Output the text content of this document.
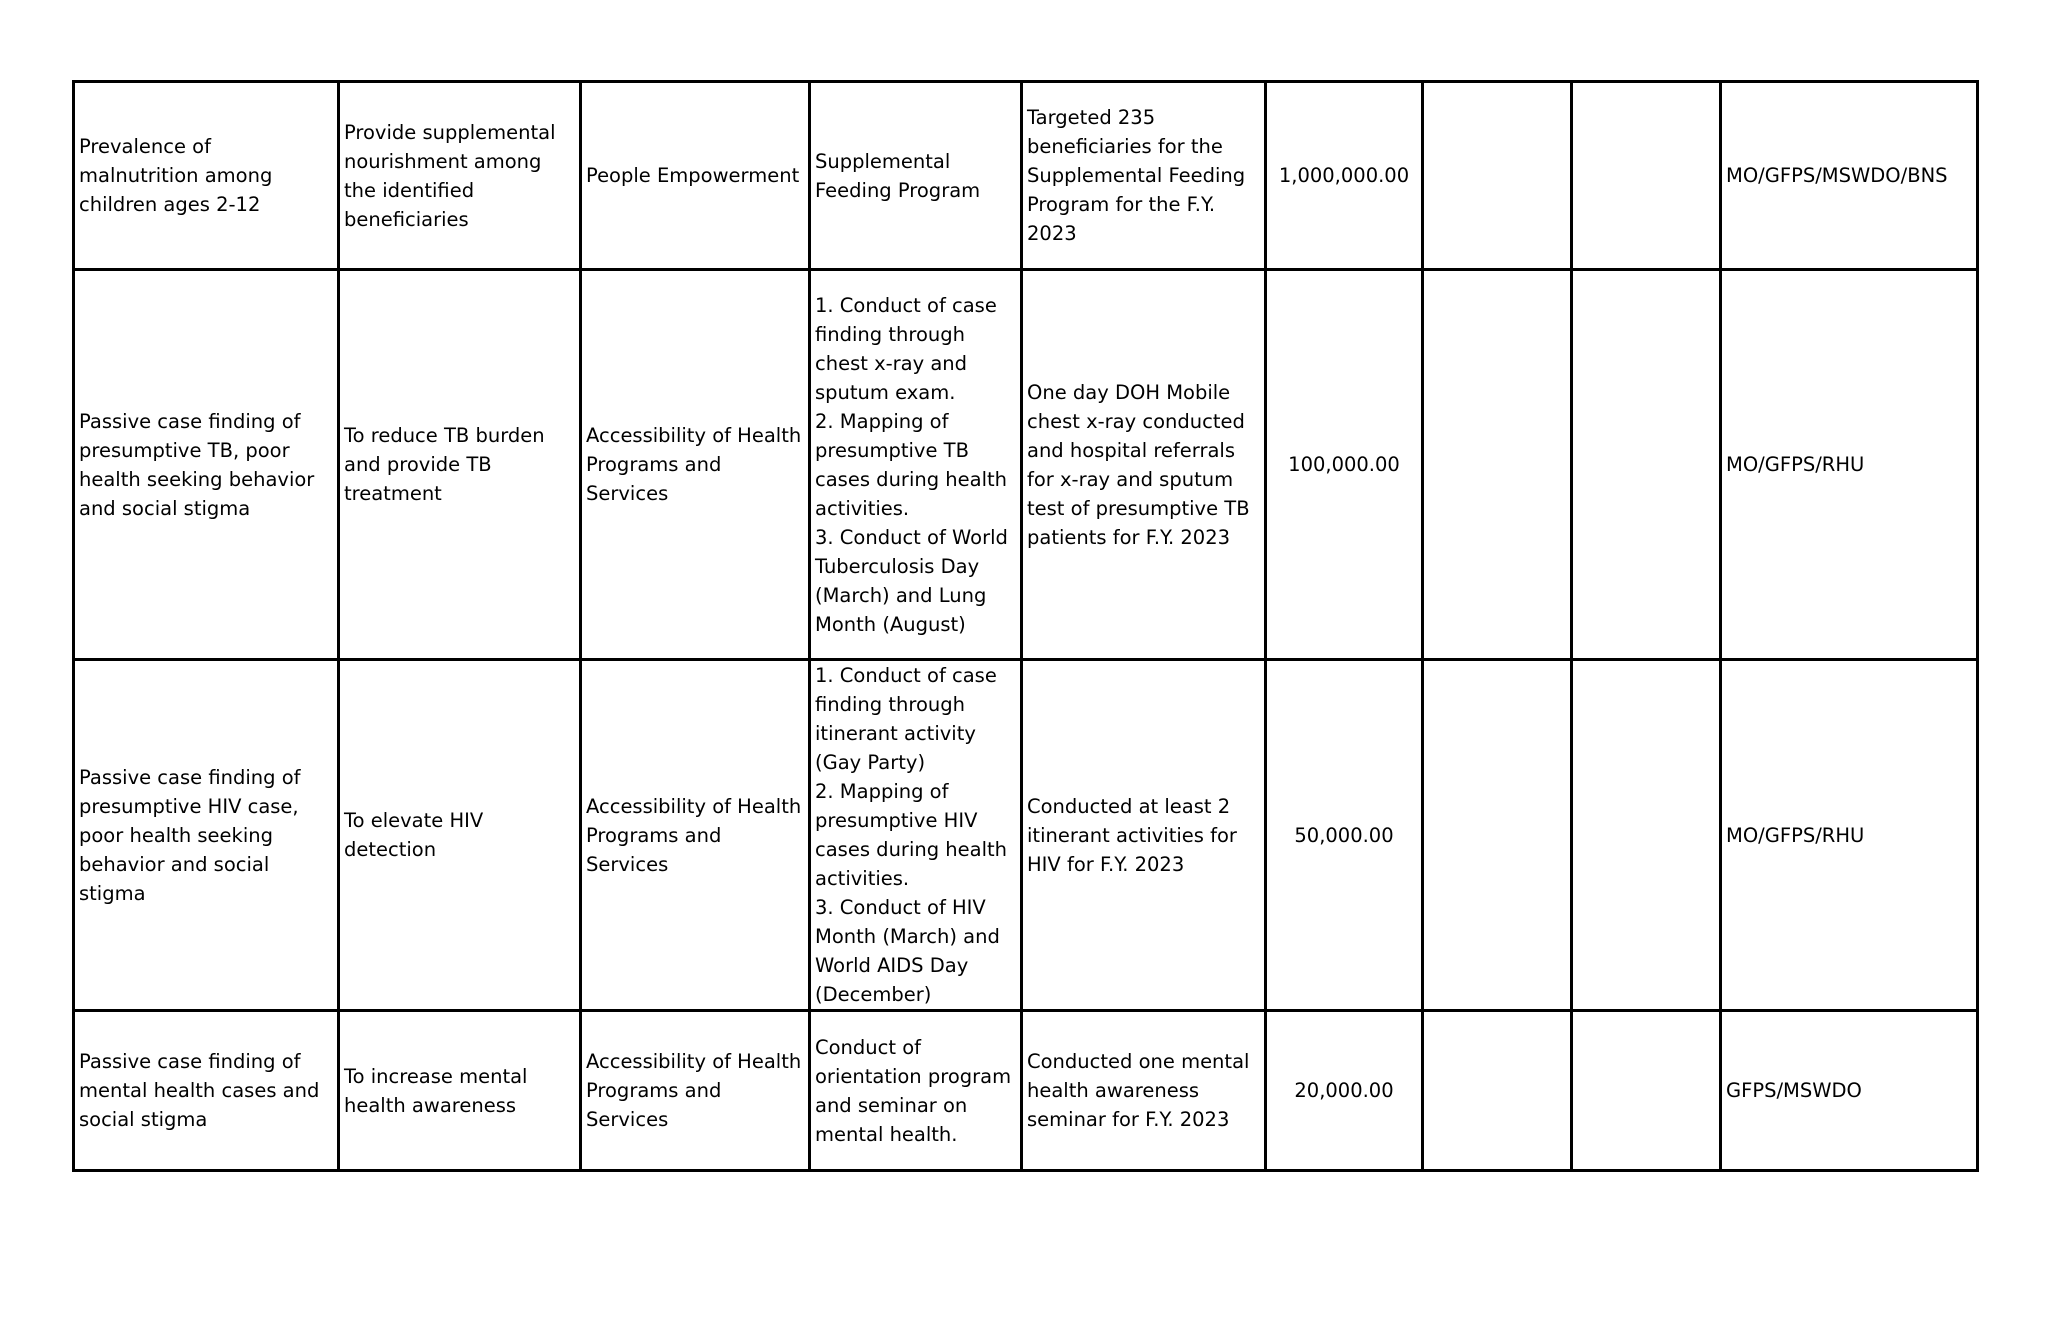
Prevalence of malnutrition among children ages 2-12	Provide supplemental nourishment among the identified beneficiaries	People Empowerment	Supplemental Feeding Program	Targeted 235 beneficiaries for the Supplemental Feeding Program for the F.Y. 2023	1,000,000.00			MO/GFPS/MSWDO/BNS
Passive case finding of presumptive TB, poor health seeking behavior and social stigma	To reduce TB burden and provide TB treatment	Accessibility of Health Programs and Services	1. Conduct of case finding through chest x-ray and sputum exam.
2. Mapping of presumptive TB cases during health activities.
3. Conduct of World Tuberculosis Day (March) and Lung Month (August)	One day DOH Mobile chest x-ray conducted and hospital referrals for x-ray and sputum test of presumptive TB patients for F.Y. 2023	100,000.00			MO/GFPS/RHU
Passive case finding of presumptive HIV case, poor health seeking behavior and social stigma	To elevate HIV detection	Accessibility of Health Programs and Services	1. Conduct of case finding through itinerant activity (Gay Party)
2. Mapping of presumptive HIV cases during health activities.
3. Conduct of HIV Month (March) and World AIDS Day (December)	Conducted at least 2 itinerant activities for HIV for F.Y. 2023	50,000.00			MO/GFPS/RHU
Passive case finding of mental health cases and social stigma	To increase mental health awareness	Accessibility of Health Programs and Services	Conduct of orientation program and seminar on mental health.	Conducted one mental health awareness seminar for F.Y. 2023	20,000.00			GFPS/MSWDO
